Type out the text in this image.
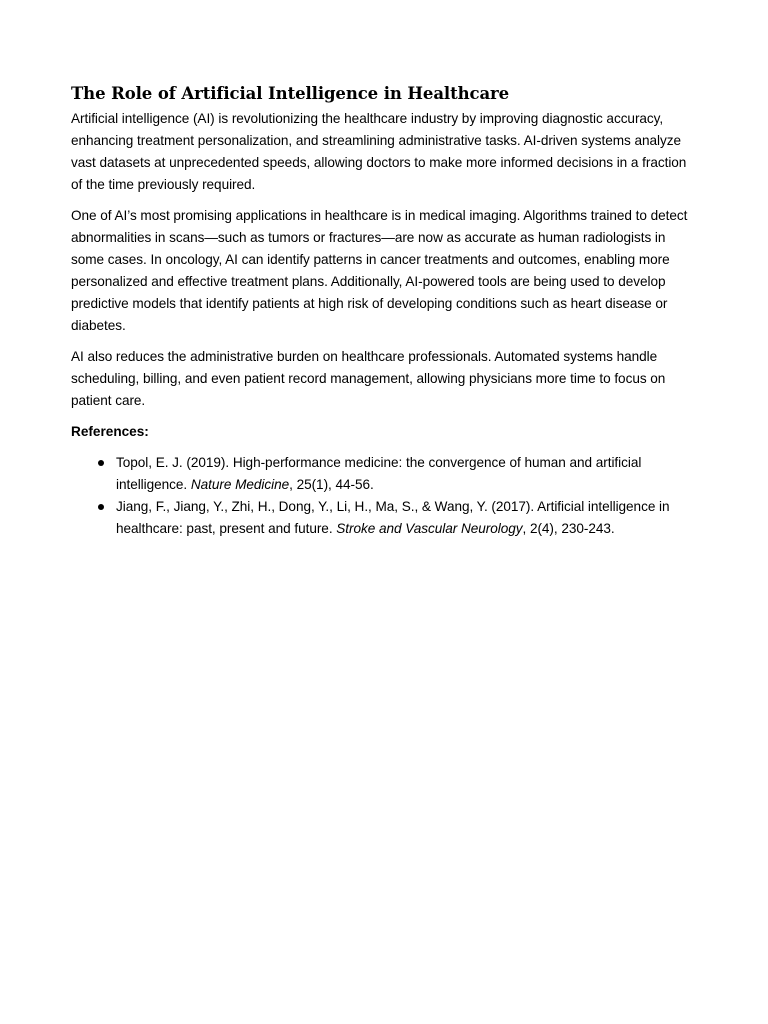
The Role of Artificial Intelligence in Healthcare

Artificial intelligence (AI) is revolutionizing the healthcare industry by improving diagnostic accuracy, enhancing treatment personalization, and streamlining administrative tasks. AI-driven systems analyze vast datasets at unprecedented speeds, allowing doctors to make more informed decisions in a fraction of the time previously required.

One of AI’s most promising applications in healthcare is in medical imaging. Algorithms trained to detect abnormalities in scans—such as tumors or fractures—are now as accurate as human radiologists in some cases. In oncology, AI can identify patterns in cancer treatments and outcomes, enabling more personalized and effective treatment plans. Additionally, AI-powered tools are being used to develop predictive models that identify patients at high risk of developing conditions such as heart disease or diabetes.

AI also reduces the administrative burden on healthcare professionals. Automated systems handle scheduling, billing, and even patient record management, allowing physicians more time to focus on patient care.

References:

Topol, E. J. (2019). High-performance medicine: the convergence of human and artificial intelligence. Nature Medicine, 25(1), 44-56.
Jiang, F., Jiang, Y., Zhi, H., Dong, Y., Li, H., Ma, S., & Wang, Y. (2017). Artificial intelligence in healthcare: past, present and future. Stroke and Vascular Neurology, 2(4), 230-243.
